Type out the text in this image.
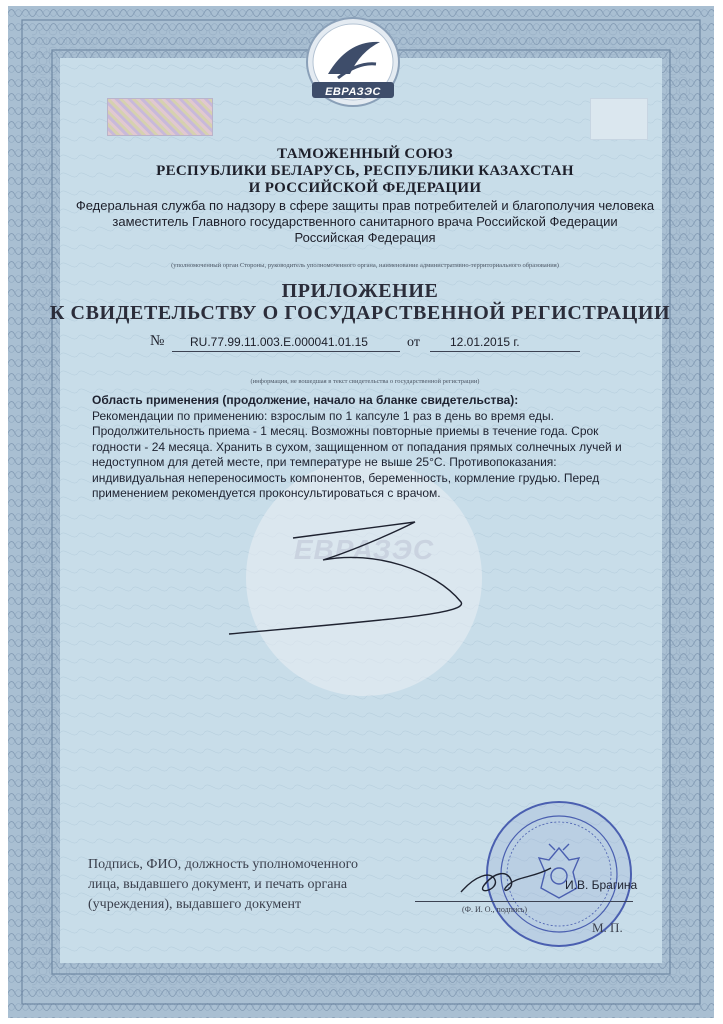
ЕВРАЗЭС
ТАМОЖЕННЫЙ СОЮЗ
РЕСПУБЛИКИ БЕЛАРУСЬ, РЕСПУБЛИКИ КАЗАХСТАН
И РОССИЙСКОЙ ФЕДЕРАЦИИ
Федеральная служба по надзору в сфере защиты прав потребителей и благополучия человека
заместитель Главного государственного санитарного врача Российской Федерации
Российская Федерация
(уполномоченный орган Стороны, руководитель уполномоченного органа, наименование административно-территориального образования)
ПРИЛОЖЕНИЕ
К СВИДЕТЕЛЬСТВУ О ГОСУДАРСТВЕННОЙ РЕГИСТРАЦИИ
№ RU.77.99.11.003.E.000041.01.15	от	12.01.2015 г.
(информация, не вошедшая в текст свидетельства о государственной регистрации)
ЕВРАЗЭС

Область применения (продолжение, начало на бланке свидетельства):

Рекомендации по применению: взрослым по 1 капсуле 1 раз в день во время еды.

Продолжительность приема - 1 месяц. Возможны повторные приемы в течение года. Срок

годности - 24 месяца. Хранить в сухом, защищенном от попадания прямых солнечных лучей и

недоступном для детей месте, при температуре не выше 25°С. Противопоказания:

индивидуальная непереносимость компонентов, беременность, кормление грудью. Перед

применением рекомендуется проконсультироваться с врачом.

Подпись, ФИО, должность уполномоченного
лица, выдавшего документ, и печать органа
(учреждения), выдавшего документ
И.В. Брагина
(Ф. И. О., подпись)
М. П.
